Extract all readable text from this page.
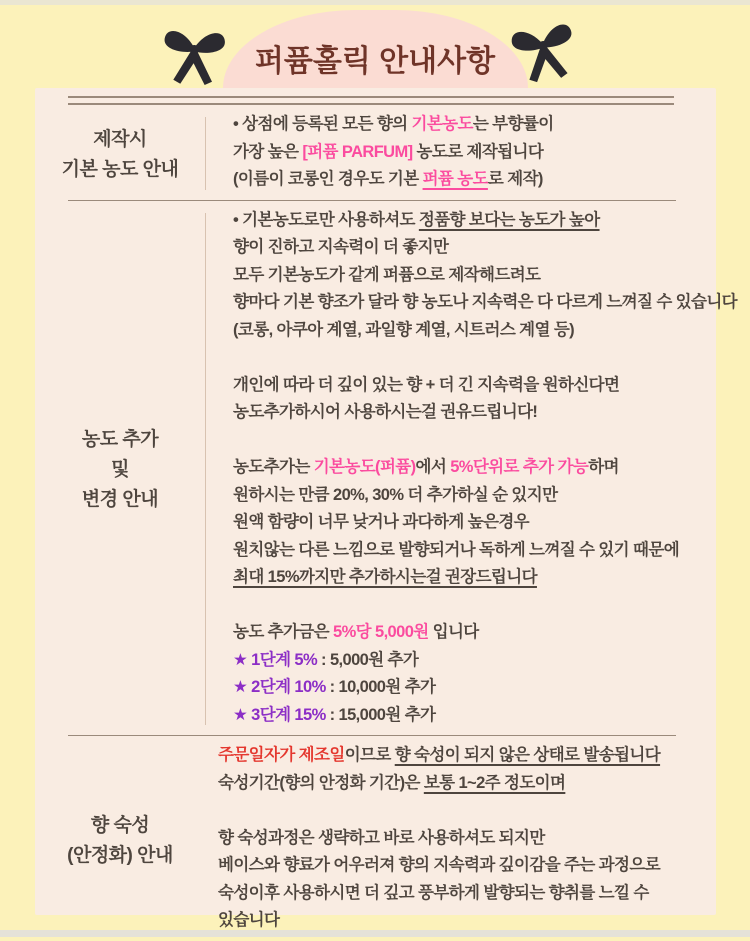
퍼퓸홀릭 안내사항
제작시
기본 농도 안내

• 상점에 등록된 모든 향의 기본농도는 부향률이

가장 높은 [퍼퓸 PARFUM] 농도로 제작됩니다

(이름이 코롱인 경우도 기본 퍼퓸 농도로 제작)

농도 추가
및
변경 안내

• 기본농도로만 사용하셔도 정품향 보다는 농도가 높아

향이 진하고 지속력이 더 좋지만

모두 기본농도가 같게 퍼퓸으로 제작해드려도

향마다 기본 향조가 달라 향 농도나 지속력은 다 다르게 느껴질 수 있습니다

(코롱, 아쿠아 계열, 과일향 계열, 시트러스 계열 등)

개인에 따라 더 깊이 있는 향 + 더 긴 지속력을 원하신다면

농도추가하시어 사용하시는걸 권유드립니다!

농도추가는 기본농도(퍼퓸)에서 5%단위로 추가 가능하며

원하시는 만큼 20%, 30% 더 추가하실 순 있지만

원액 함량이 너무 낮거나 과다하게 높은경우

원치않는 다른 느낌으로 발향되거나 독하게 느껴질 수 있기 때문에

최대 15%까지만 추가하시는걸 권장드립니다

농도 추가금은 5%당 5,000원 입니다

★ 1단계 5% : 5,000원 추가

★ 2단계 10% : 10,000원 추가

★ 3단계 15% : 15,000원 추가

향 숙성
(안정화) 안내

주문일자가 제조일이므로 향 숙성이 되지 않은 상태로 발송됩니다

숙성기간(향의 안정화 기간)은 보통 1~2주 정도이며

향 숙성과정은 생략하고 바로 사용하셔도 되지만

베이스와 향료가 어우러져 향의 지속력과 깊이감을 주는 과정으로

숙성이후 사용하시면 더 깊고 풍부하게 발향되는 향취를 느낄 수

있습니다
